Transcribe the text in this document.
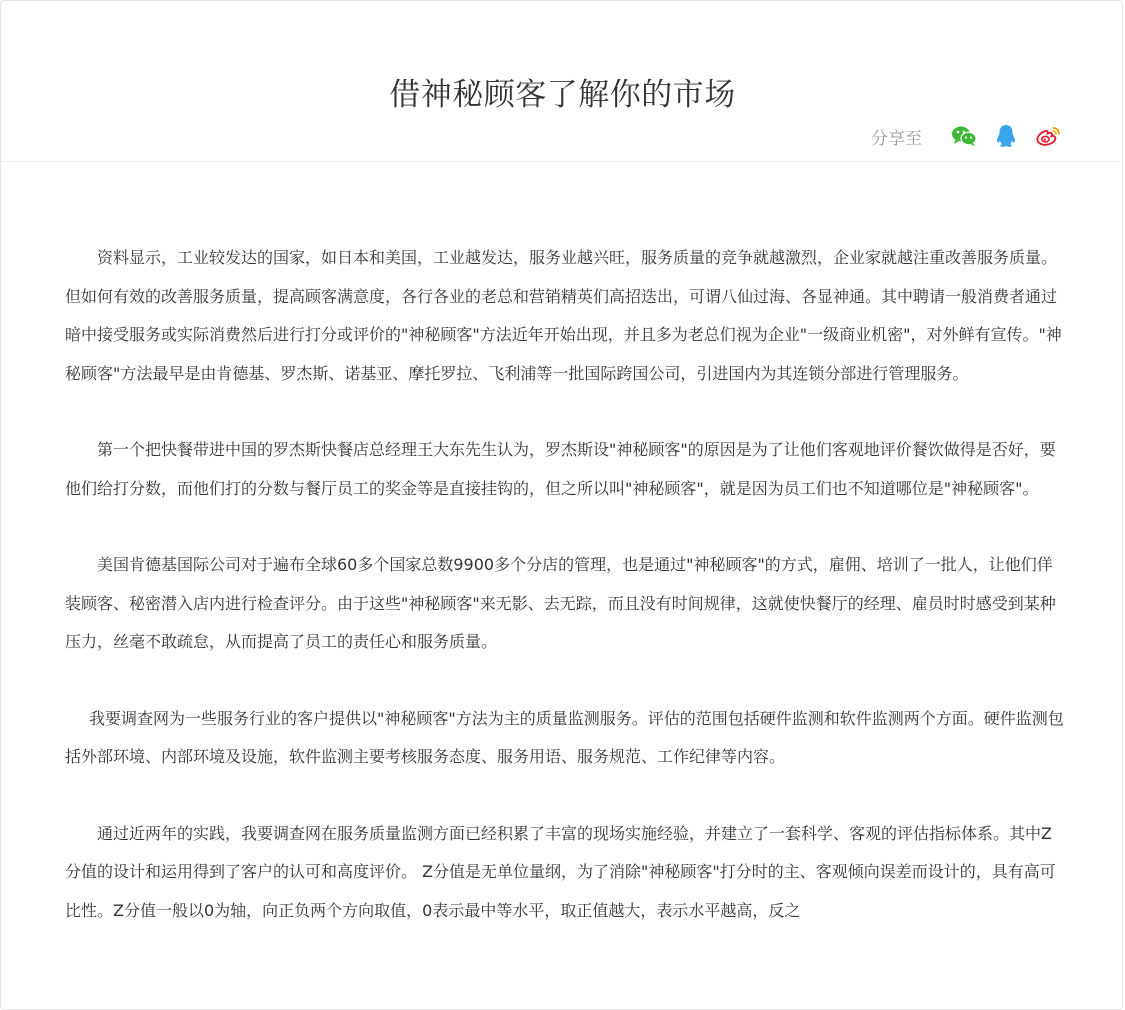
借神秘顾客了解你的市场
分享至

资料显示，工业较发达的国家，如日本和美国，工业越发达，服务业越兴旺，服务质量的竞争就越激烈，企业家就越注重改善服务质量。但如何有效的改善服务质量，提高顾客满意度，各行各业的老总和营销精英们高招迭出，可谓八仙过海、各显神通。其中聘请一般消费者通过暗中接受服务或实际消费然后进行打分或评价的"神秘顾客"方法近年开始出现，并且多为老总们视为企业"一级商业机密"，对外鲜有宣传。"神秘顾客"方法最早是由肯德基、罗杰斯、诺基亚、摩托罗拉、飞利浦等一批国际跨国公司，引进国内为其连锁分部进行管理服务。

第一个把快餐带进中国的罗杰斯快餐店总经理王大东先生认为，罗杰斯设"神秘顾客"的原因是为了让他们客观地评价餐饮做得是否好，要他们给打分数，而他们打的分数与餐厅员工的奖金等是直接挂钩的，但之所以叫"神秘顾客"，就是因为员工们也不知道哪位是"神秘顾客"。

美国肯德基国际公司对于遍布全球60多个国家总数9900多个分店的管理，也是通过"神秘顾客"的方式，雇佣、培训了一批人，让他们佯装顾客、秘密潜入店内进行检查评分。由于这些"神秘顾客"来无影、去无踪，而且没有时间规律，这就使快餐厅的经理、雇员时时感受到某种压力，丝毫不敢疏怠，从而提高了员工的责任心和服务质量。

我要调查网为一些服务行业的客户提供以"神秘顾客"方法为主的质量监测服务。评估的范围包括硬件监测和软件监测两个方面。硬件监测包括外部环境、内部环境及设施，软件监测主要考核服务态度、服务用语、服务规范、工作纪律等内容。

通过近两年的实践，我要调查网在服务质量监测方面已经积累了丰富的现场实施经验，并建立了一套科学、客观的评估指标体系。其中Z分值的设计和运用得到了客户的认可和高度评价。 Z分值是无单位量纲，为了消除"神秘顾客"打分时的主、客观倾向误差而设计的，具有高可比性。Z分值一般以0为轴，向正负两个方向取值，0表示最中等水平，取正值越大，表示水平越高，反之
